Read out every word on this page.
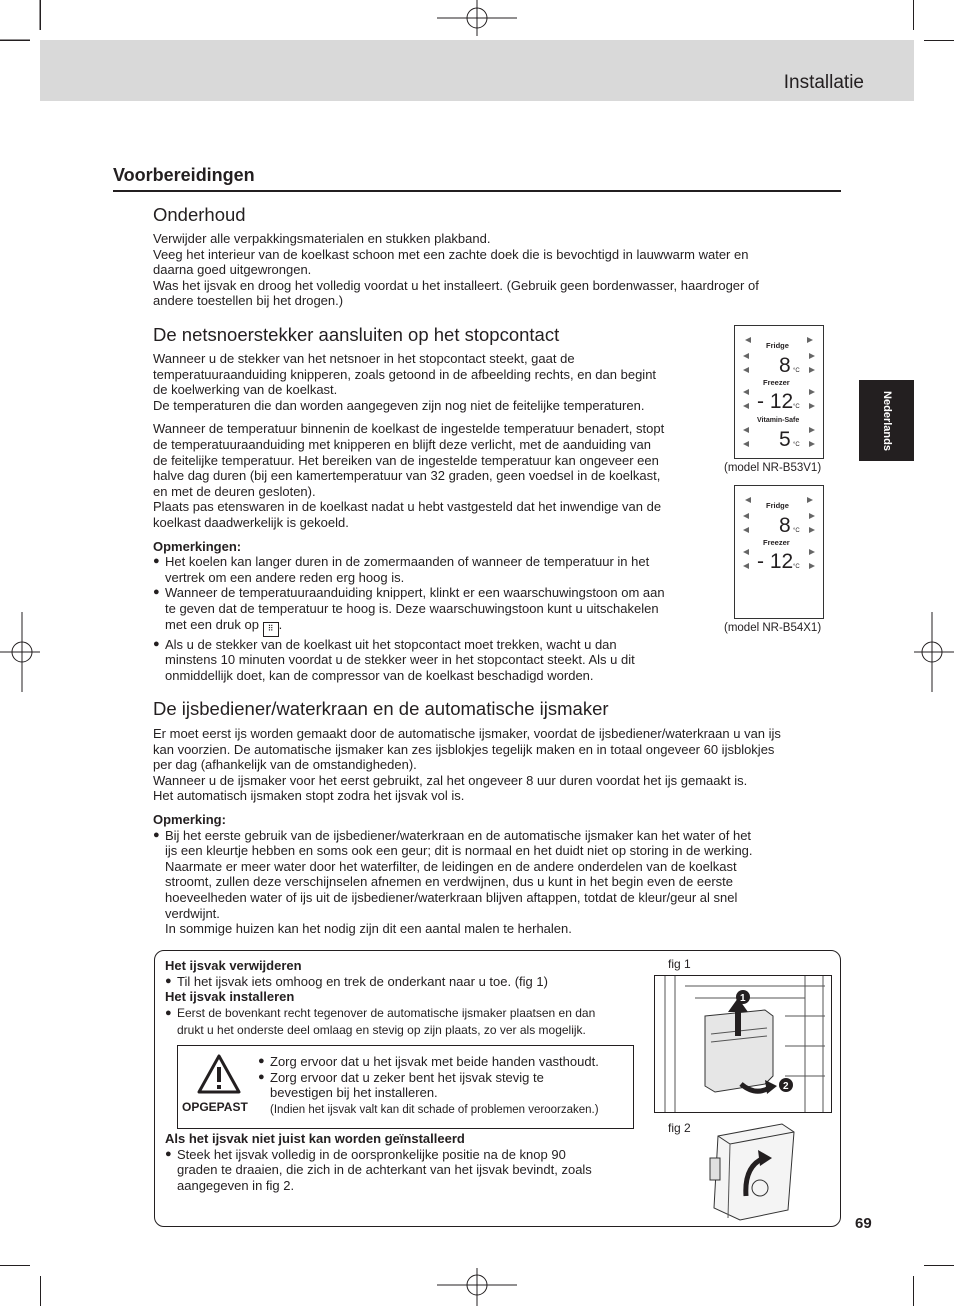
Installatie
Nederlands
Voorbereidingen
Onderhoud

Verwijder alle verpakkingsmaterialen en stukken plakband.

Veeg het interieur van de koelkast schoon met een zachte doek die is bevochtigd in lauwwarm water en

daarna goed uitgewrongen.

Was het ijsvak en droog het volledig voordat u het installeert. (Gebruik geen bordenwasser, haardroger of

andere toestellen bij het drogen.)

De netsnoerstekker aansluiten op het stopcontact

Wanneer u de stekker van het netsnoer in het stopcontact steekt, gaat de

temperatuuraanduiding knipperen, zoals getoond in de afbeelding rechts, en dan begint

de koelwerking van de koelkast.

De temperaturen die dan worden aangegeven zijn nog niet de feitelijke temperaturen.

Wanneer de temperatuur binnenin de koelkast de ingestelde temperatuur benadert, stopt

de temperatuuraanduiding met knipperen en blijft deze verlicht, met de aanduiding van

de feitelijke temperatuur. Het bereiken van de ingestelde temperatuur kan ongeveer een

halve dag duren (bij een kamertemperatuur van 32 graden, geen voedsel in de koelkast,

en met de deuren gesloten).

Plaats pas etenswaren in de koelkast nadat u hebt vastgesteld dat het inwendige van de

koelkast daadwerkelijk is gekoeld.

Opmerkingen:

● Het koelen kan langer duren in de zomermaanden of wanneer de temperatuur in het

vertrek om een andere reden erg hoog is.

● Wanneer de temperatuuraanduiding knippert, klinkt er een waarschuwingstoon om aan

te geven dat de temperatuur te hoog is. Deze waarschuwingstoon kunt u uitschakelen

met een druk op ⠿ .

● Als u de stekker van de koelkast uit het stopcontact moet trekken, wacht u dan

minstens 10 minuten voordat u de stekker weer in het stopcontact steekt. Als u dit

onmiddellijk doet, kan de compressor van de koelkast beschadigd worden.

Fridge
8 °C
Freezer
- 12 °C
Vitamin-Safe
5 °C
(model NR-B53V1)
Fridge
8 °C
Freezer
- 12 °C
(model NR-B54X1)
De ijsbediener/waterkraan en de automatische ijsmaker

Er moet eerst ijs worden gemaakt door de automatische ijsmaker, voordat de ijsbediener/waterkraan u van ijs

kan voorzien. De automatische ijsmaker kan zes ijsblokjes tegelijk maken en in totaal ongeveer 60 ijsblokjes

per dag (afhankelijk van de omstandigheden).

Wanneer u de ijsmaker voor het eerst gebruikt, zal het ongeveer 8 uur duren voordat het ijs gemaakt is.

Het automatisch ijsmaken stopt zodra het ijsvak vol is.

Opmerking:

● Bij het eerste gebruik van de ijsbediener/waterkraan en de automatische ijsmaker kan het water of het

ijs een kleurtje hebben en soms ook een geur; dit is normaal en het duidt niet op storing in de werking.

Naarmate er meer water door het waterfilter, de leidingen en de andere onderdelen van de koelkast

stroomt, zullen deze verschijnselen afnemen en verdwijnen, dus u kunt in het begin even de eerste

hoeveelheden water of ijs uit de ijsbediener/waterkraan blijven aftappen, totdat de kleur/geur al snel

verdwijnt.

In sommige huizen kan het nodig zijn dit een aantal malen te herhalen.

Het ijsvak verwijderen

● Til het ijsvak iets omhoog en trek de onderkant naar u toe. (fig 1)

Het ijsvak installeren

● Eerst de bovenkant recht tegenover de automatische ijsmaker plaatsen en dan

drukt u het onderste deel omlaag en stevig op zijn plaats, zo ver als mogelijk.

OPGEPAST

● Zorg ervoor dat u het ijsvak met beide handen vasthoudt.

● Zorg ervoor dat u zeker bent het ijsvak stevig te

bevestigen bij het installeren.

(Indien het ijsvak valt kan dit schade of problemen veroorzaken.)

Als het ijsvak niet juist kan worden geïnstalleerd

● Steek het ijsvak volledig in de oorspronkelijke positie na de knop 90

graden te draaien, die zich in de achterkant van het ijsvak bevindt, zoals

aangegeven in fig 2.

fig 1
1
2
fig 2
69
